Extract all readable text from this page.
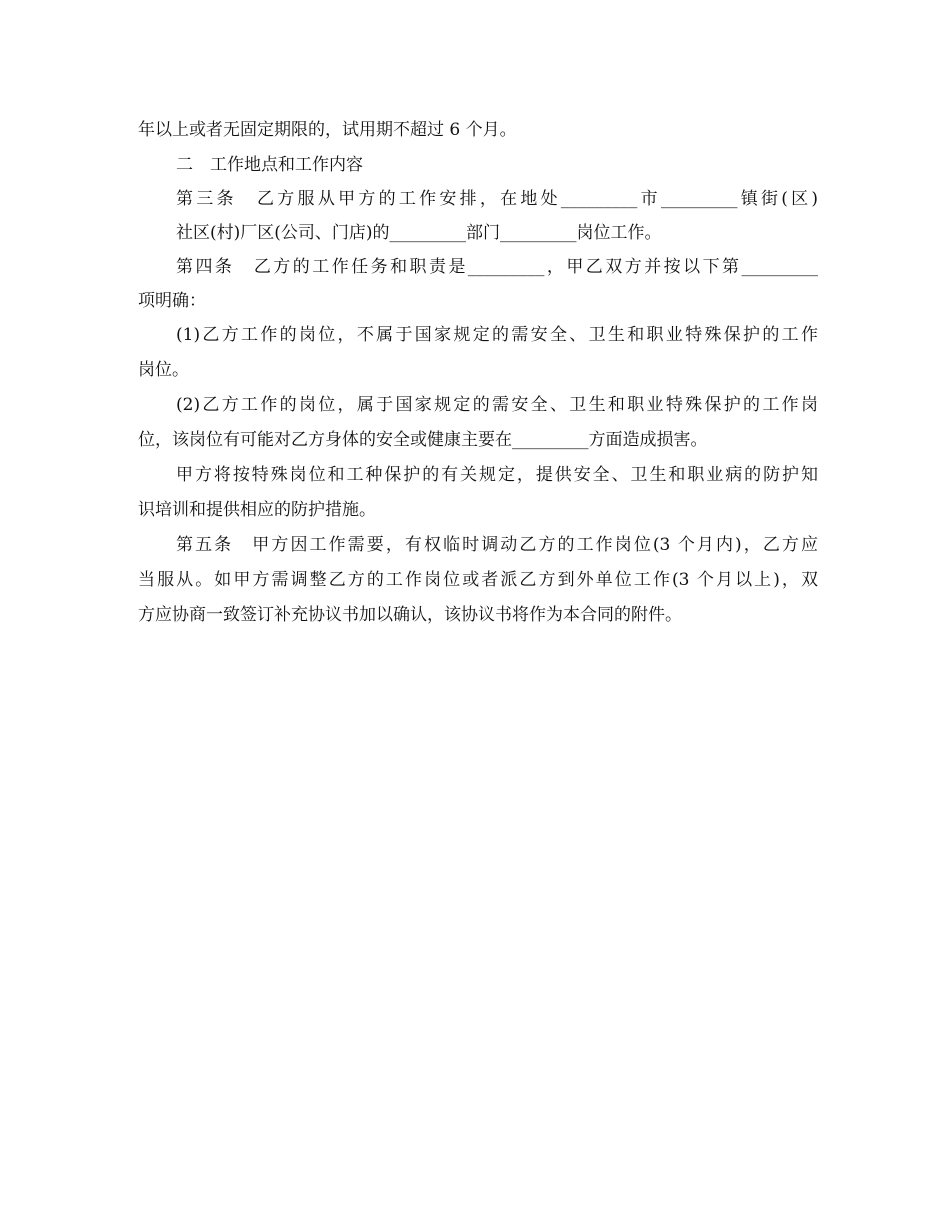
年以上或者无固定期限的，试用期不超过 6 个月。
二　工作地点和工作内容
第三条　乙方服从甲方的工作安排，在地处_________市_________镇街(区)
社区(村)厂区(公司、门店)的_________部门_________岗位工作。
第四条　乙方的工作任务和职责是_________，甲乙双方并按以下第_________
项明确：
(1)乙方工作的岗位，不属于国家规定的需安全、卫生和职业特殊保护的工作
岗位。
(2)乙方工作的岗位，属于国家规定的需安全、卫生和职业特殊保护的工作岗
位，该岗位有可能对乙方身体的安全或健康主要在_________方面造成损害。
甲方将按特殊岗位和工种保护的有关规定，提供安全、卫生和职业病的防护知
识培训和提供相应的防护措施。
第五条　甲方因工作需要，有权临时调动乙方的工作岗位(3 个月内)，乙方应
当服从。如甲方需调整乙方的工作岗位或者派乙方到外单位工作(3 个月以上)，双
方应协商一致签订补充协议书加以确认，该协议书将作为本合同的附件。
